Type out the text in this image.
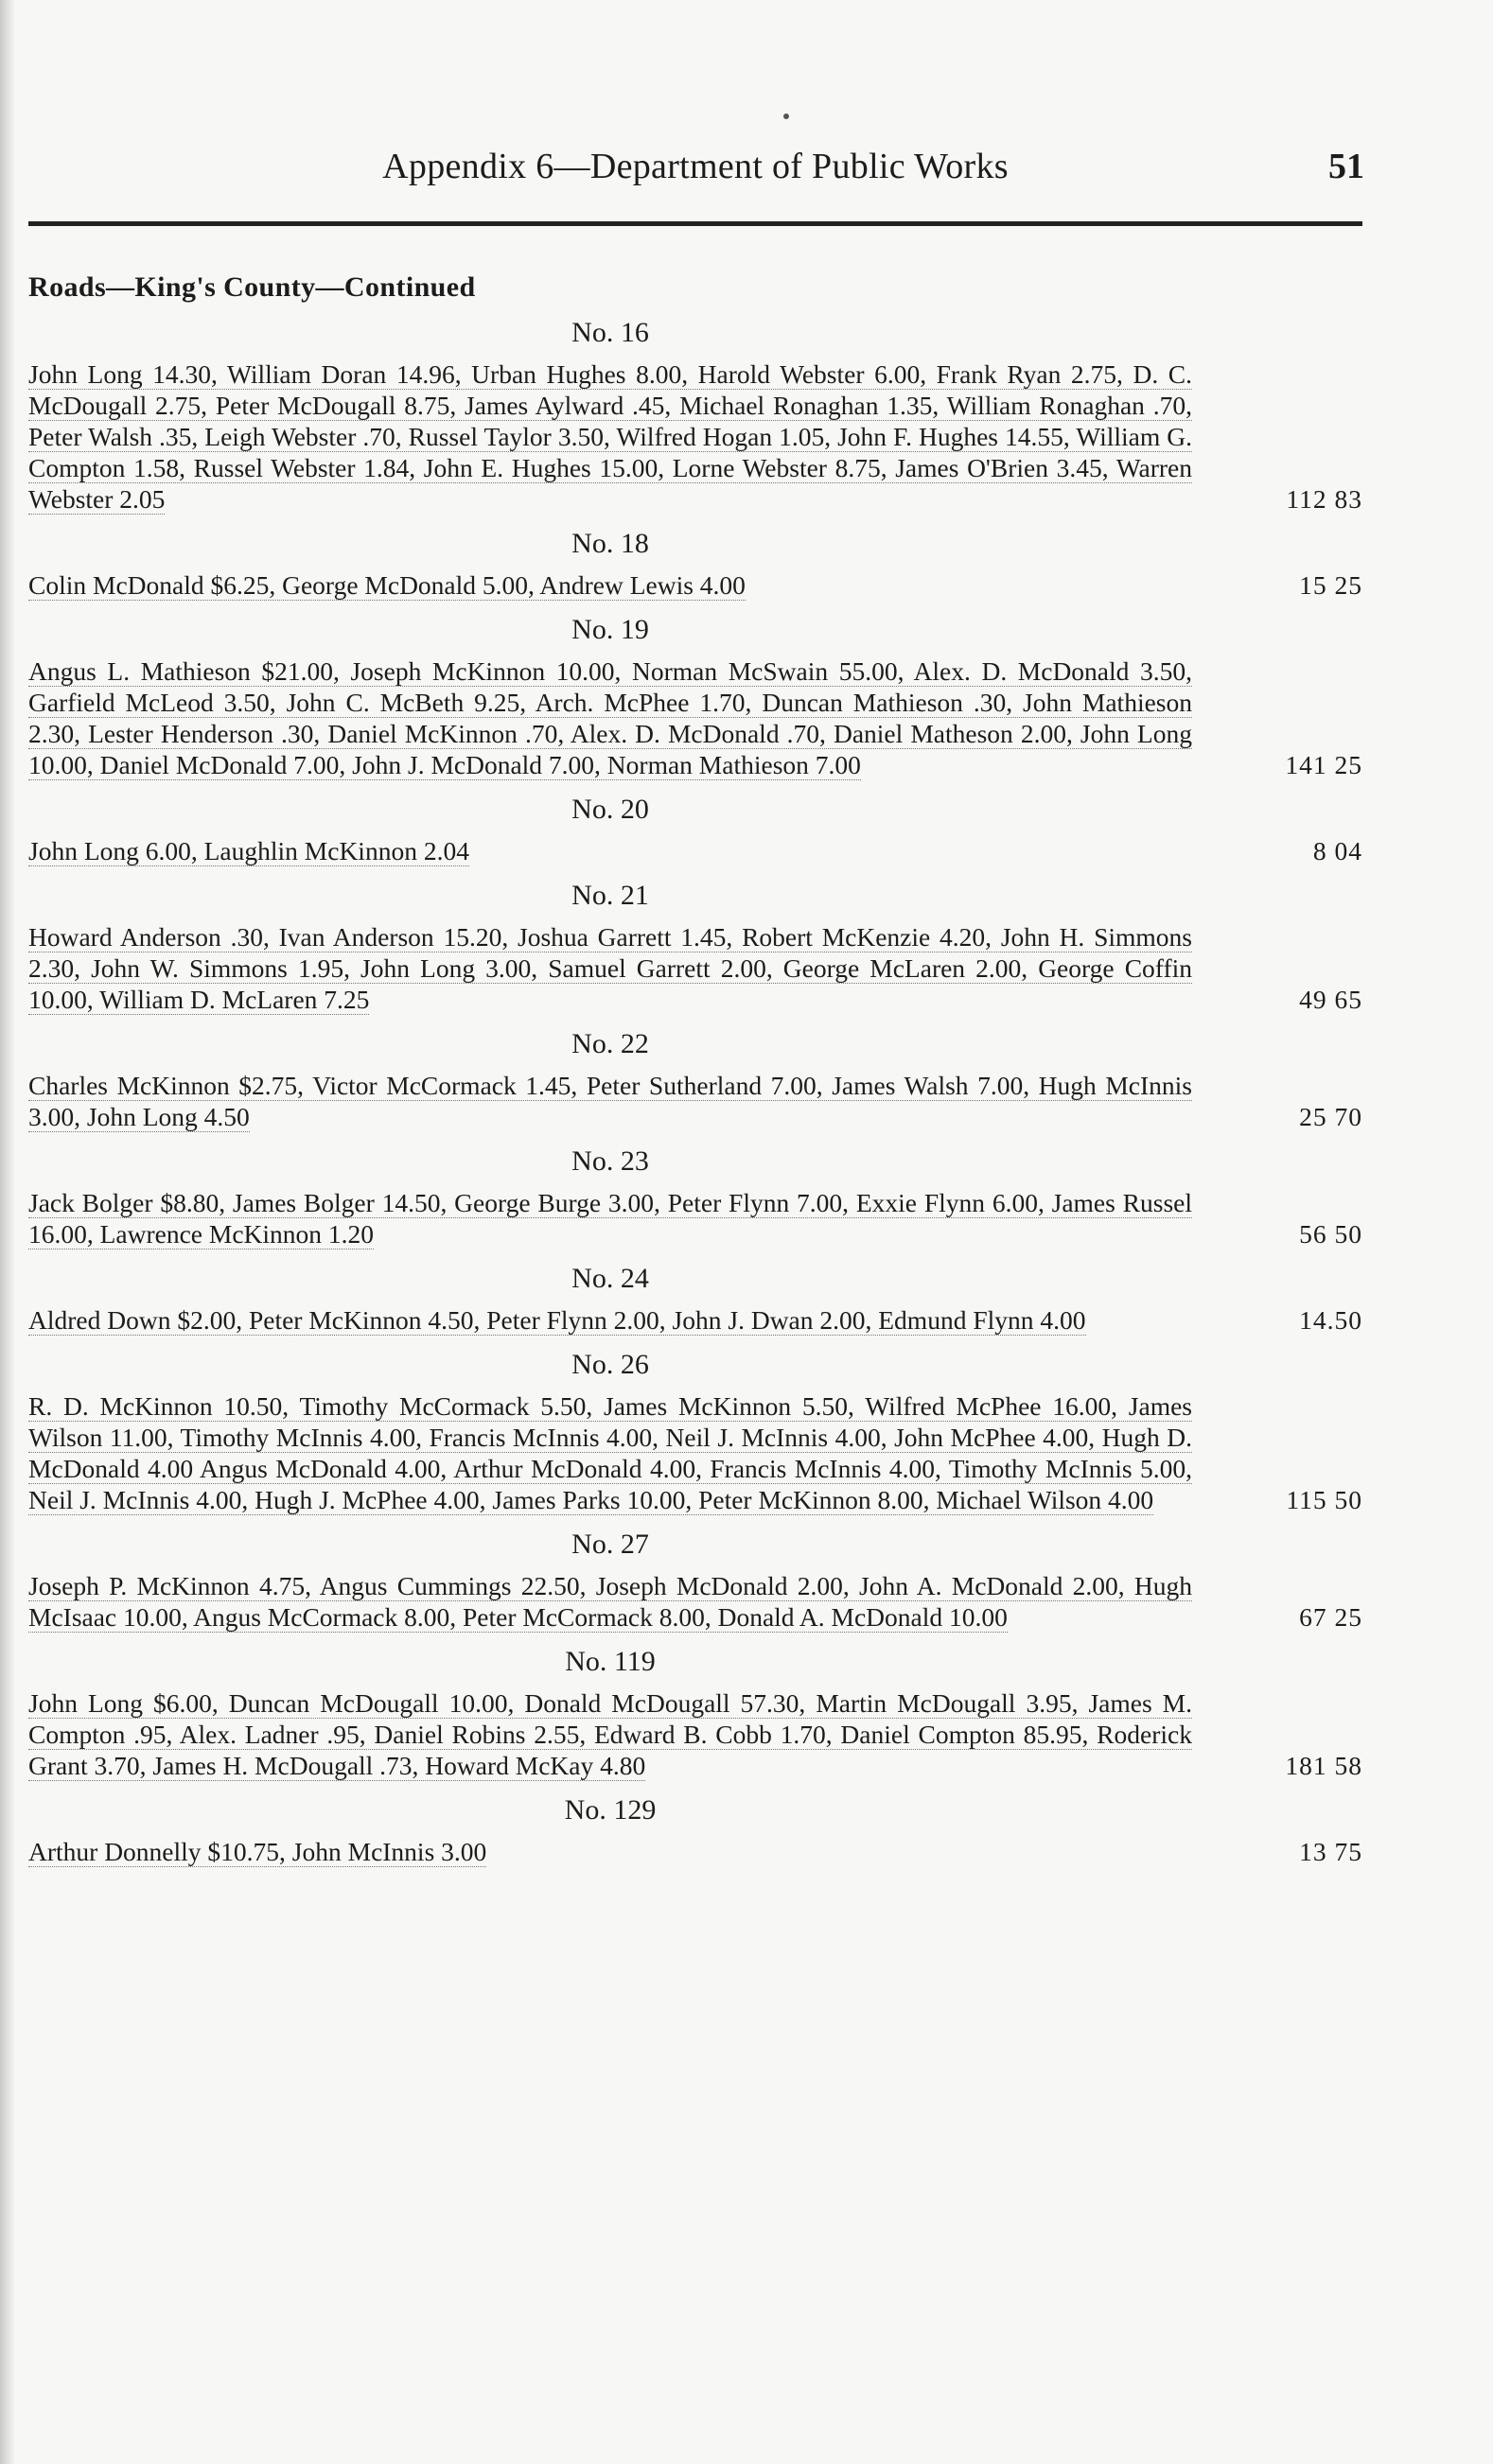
Appendix 6—Department of Public Works	51
Roads—King's County—Continued
No. 16
John Long 14.30, William Doran 14.96, Urban Hughes 8.00, Harold Webster 6.00, Frank Ryan 2.75, D. C. McDougall 2.75, Peter McDougall 8.75, James Aylward .45, Michael Ronaghan 1.35, William Ronaghan .70, Peter Walsh .35, Leigh Webster .70, Russel Taylor 3.50, Wilfred Hogan 1.05, John F. Hughes 14.55, William G. Compton 1.58, Russel Webster 1.84, John E. Hughes 15.00, Lorne Webster 8.75, James O'Brien 3.45, Warren Webster 2.05	112 83
No. 18
Colin McDonald $6.25, George McDonald 5.00, Andrew Lewis 4.00	15 25
No. 19
Angus L. Mathieson $21.00, Joseph McKinnon 10.00, Norman McSwain 55.00, Alex. D. McDonald 3.50, Garfield McLeod 3.50, John C. McBeth 9.25, Arch. McPhee 1.70, Duncan Mathieson .30, John Mathieson 2.30, Lester Henderson .30, Daniel McKinnon .70, Alex. D. McDonald .70, Daniel Matheson 2.00, John Long 10.00, Daniel McDonald 7.00, John J. McDonald 7.00, Norman Mathieson 7.00	141 25
No. 20
John Long 6.00, Laughlin McKinnon 2.04	8 04
No. 21
Howard Anderson .30, Ivan Anderson 15.20, Joshua Garrett 1.45, Robert McKenzie 4.20, John H. Simmons 2.30, John W. Simmons 1.95, John Long 3.00, Samuel Garrett 2.00, George McLaren 2.00, George Coffin 10.00, William D. McLaren 7.25	49 65
No. 22
Charles McKinnon $2.75, Victor McCormack 1.45, Peter Sutherland 7.00, James Walsh 7.00, Hugh McInnis 3.00, John Long 4.50	25 70
No. 23
Jack Bolger $8.80, James Bolger 14.50, George Burge 3.00, Peter Flynn 7.00, Exxie Flynn 6.00, James Russel 16.00, Lawrence McKinnon 1.20	56 50
No. 24
Aldred Down $2.00, Peter McKinnon 4.50, Peter Flynn 2.00, John J. Dwan 2.00, Edmund Flynn 4.00	14.50
No. 26
R. D. McKinnon 10.50, Timothy McCormack 5.50, James McKinnon 5.50, Wilfred McPhee 16.00, James Wilson 11.00, Timothy McInnis 4.00, Francis McInnis 4.00, Neil J. McInnis 4.00, John McPhee 4.00, Hugh D. McDonald 4.00 Angus McDonald 4.00, Arthur McDonald 4.00, Francis McInnis 4.00, Timothy McInnis 5.00, Neil J. McInnis 4.00, Hugh J. McPhee 4.00, James Parks 10.00, Peter McKinnon 8.00, Michael Wilson 4.00	115 50
No. 27
Joseph P. McKinnon 4.75, Angus Cummings 22.50, Joseph McDonald 2.00, John A. McDonald 2.00, Hugh McIsaac 10.00, Angus McCormack 8.00, Peter McCormack 8.00, Donald A. McDonald 10.00	67 25
No. 119
John Long $6.00, Duncan McDougall 10.00, Donald McDougall 57.30, Martin McDougall 3.95, James M. Compton .95, Alex. Ladner .95, Daniel Robins 2.55, Edward B. Cobb 1.70, Daniel Compton 85.95, Roderick Grant 3.70, James H. McDougall .73, Howard McKay 4.80	181 58
No. 129
Arthur Donnelly $10.75, John McInnis 3.00	13 75
